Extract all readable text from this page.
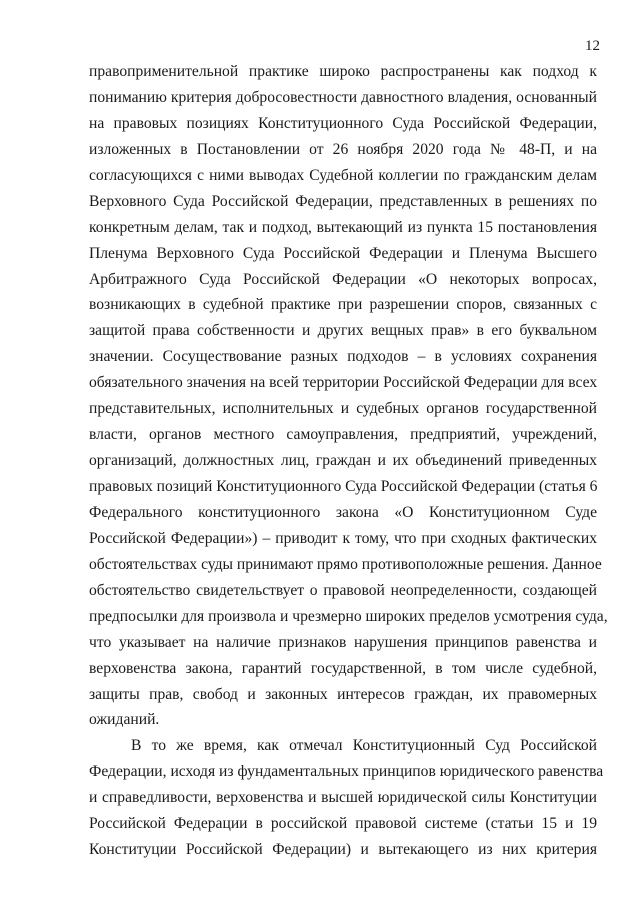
12
правоприменительной практике широко распространены как подход к
пониманию критерия добросовестности давностного владения, основанный
на правовых позициях Конституционного Суда Российской Федерации,
изложенных в Постановлении от 26 ноября 2020 года № 48-П, и на
согласующихся с ними выводах Судебной коллегии по гражданским делам
Верховного Суда Российской Федерации, представленных в решениях по
конкретным делам, так и подход, вытекающий из пункта 15 постановления
Пленума Верховного Суда Российской Федерации и Пленума Высшего
Арбитражного Суда Российской Федерации «О некоторых вопросах,
возникающих в судебной практике при разрешении споров, связанных с
защитой права собственности и других вещных прав» в его буквальном
значении. Сосуществование разных подходов – в условиях сохранения
обязательного значения на всей территории Российской Федерации для всех
представительных, исполнительных и судебных органов государственной
власти, органов местного самоуправления, предприятий, учреждений,
организаций, должностных лиц, граждан и их объединений приведенных
правовых позиций Конституционного Суда Российской Федерации (статья 6
Федерального конституционного закона «О Конституционном Суде
Российской Федерации») – приводит к тому, что при сходных фактических
обстоятельствах суды принимают прямо противоположные решения. Данное
обстоятельство свидетельствует о правовой неопределенности, создающей
предпосылки для произвола и чрезмерно широких пределов усмотрения суда,
что указывает на наличие признаков нарушения принципов равенства и
верховенства закона, гарантий государственной, в том числе судебной,
защиты прав, свобод и законных интересов граждан, их правомерных
ожиданий.
В то же время, как отмечал Конституционный Суд Российской
Федерации, исходя из фундаментальных принципов юридического равенства
и справедливости, верховенства и высшей юридической силы Конституции
Российской Федерации в российской правовой системе (статьи 15 и 19
Конституции Российской Федерации) и вытекающего из них критерия
